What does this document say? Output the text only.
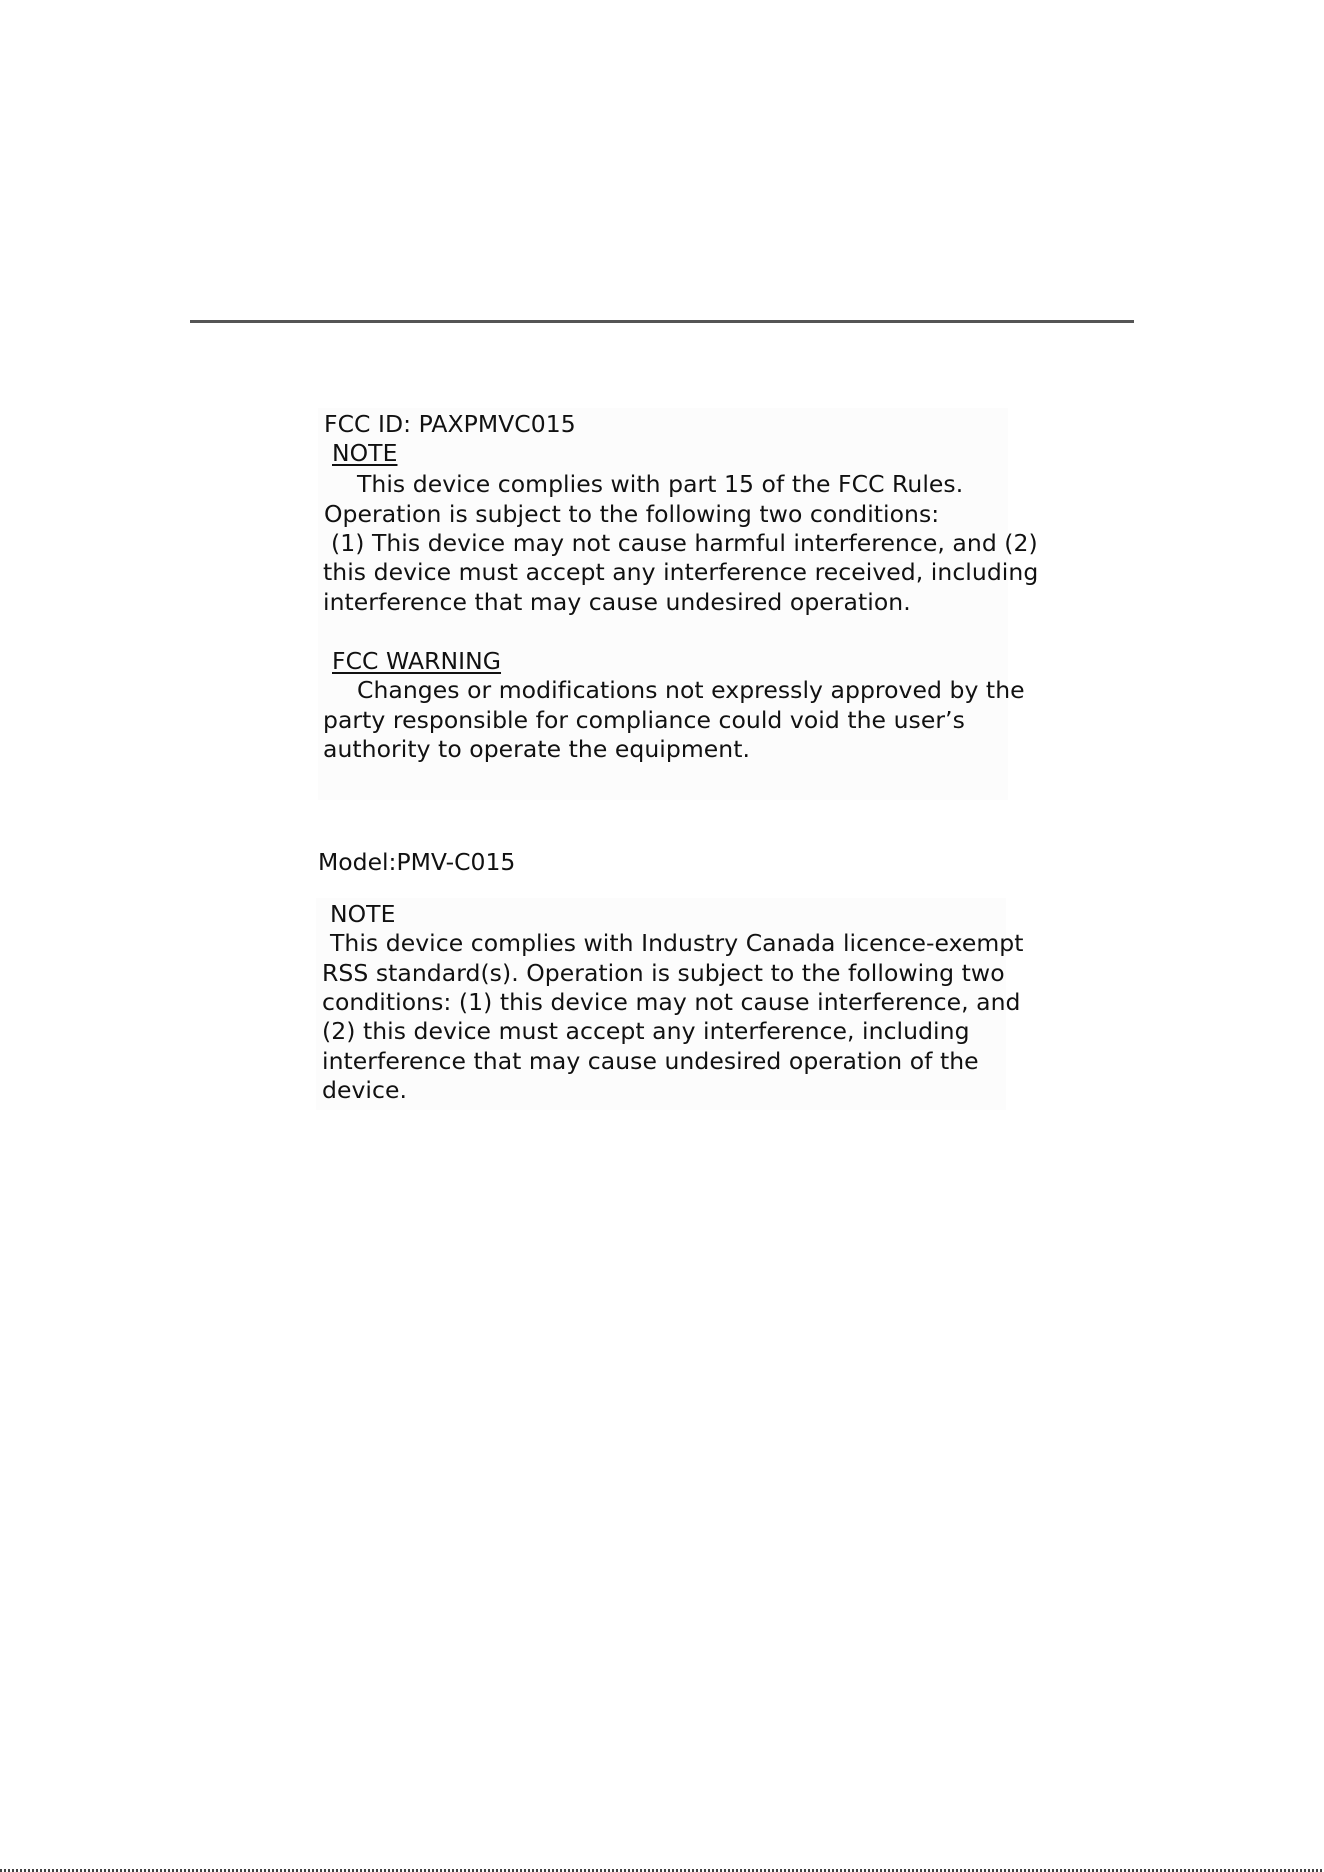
FCC ID: PAXPMVC015
NOTE
This device complies with part 15 of the FCC Rules.
Operation is subject to the following two conditions:
(1) This device may not cause harmful interference, and (2)
this device must accept any interference received, including
interference that may cause undesired operation.
FCC WARNING
Changes or modifications not expressly approved by the
party responsible for compliance could void the user’s
authority to operate the equipment.
Model:PMV-C015
NOTE
This device complies with Industry Canada licence-exempt
RSS standard(s). Operation is subject to the following two
conditions: (1) this device may not cause interference, and
(2) this device must accept any interference, including
interference that may cause undesired operation of the
device.
